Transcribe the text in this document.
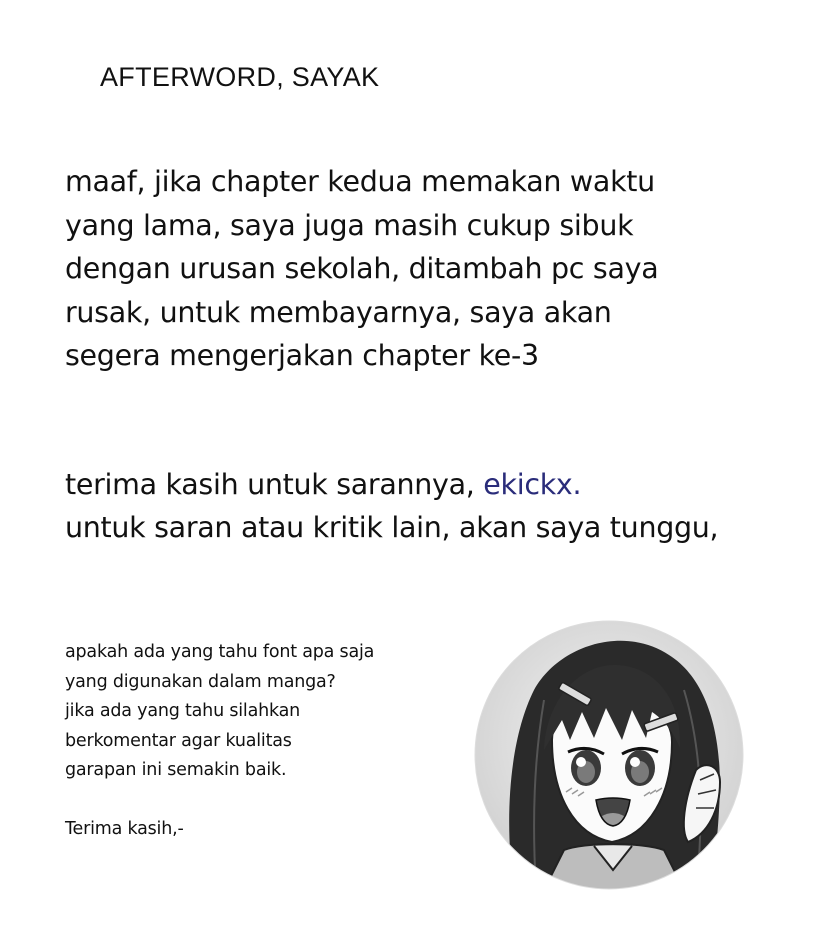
AFTERWORD, SAYAK
maaf, jika chapter kedua memakan waktu
yang lama, saya juga masih cukup sibuk
dengan urusan sekolah, ditambah pc saya
rusak, untuk membayarnya, saya akan
segera mengerjakan chapter ke-3
terima kasih untuk sarannya, ekickx.
untuk saran atau kritik lain, akan saya tunggu,
apakah ada yang tahu font apa saja
yang digunakan dalam manga?
jika ada yang tahu silahkan
berkomentar agar kualitas
garapan ini semakin baik.
Terima kasih,-
